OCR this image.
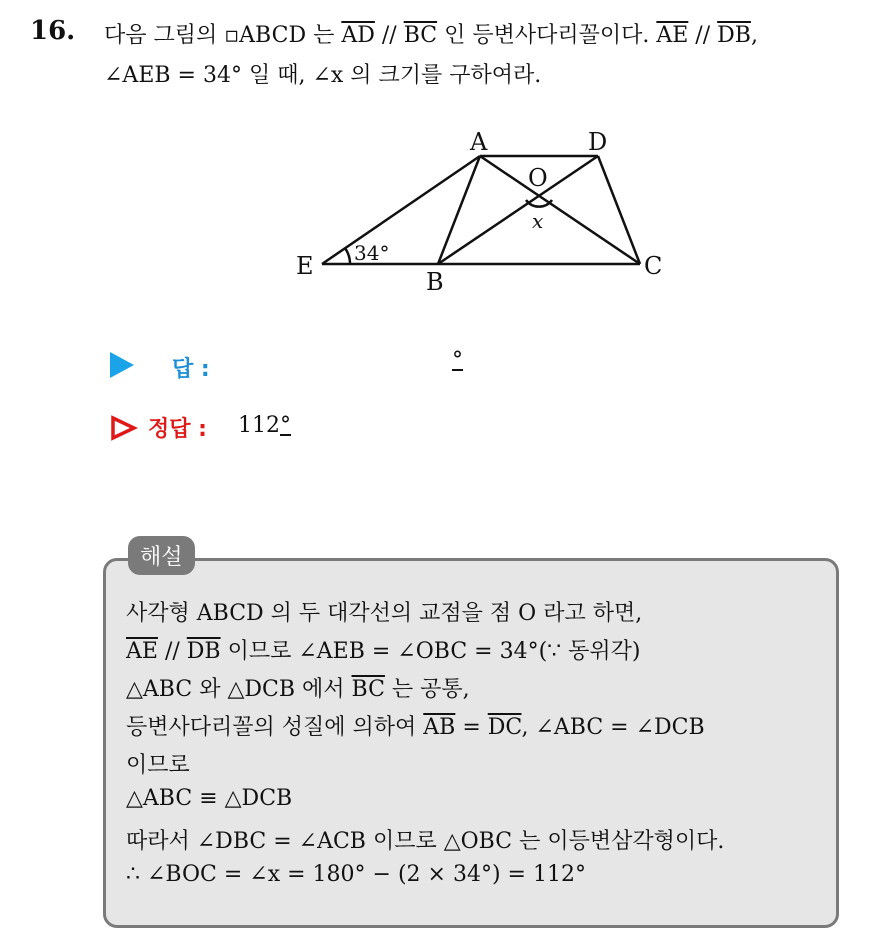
16. 다음 그림의 ▫ABCD 는 $\overline{AD} // \overline{BC}$ 인 등변사다리꼴이다. $\overline{AE} // \overline{DB}$,
∠AEB = 34° 일 때, ∠x 의 크기를 구하여라.
A	D
O
x
E
B
C
34°
답 :	°
정답 : 112°
해설
사각형 ABCD 의 두 대각선의 교점을 점 O 라고 하면,
$\overline{AE} // \overline{DB}$ 이므로 ∠AEB = ∠OBC = 34°(∵ 동위각)
△ABC 와 △DCB 에서 $\overline{BC}$ 는 공통,
등변사다리꼴의 성질에 의하여 $\overline{AB} = \overline{DC}$, ∠ABC = ∠DCB
이므로
△ABC ≡ △DCB
따라서 ∠DBC = ∠ACB 이므로 △OBC 는 이등변삼각형이다.
∴ ∠BOC = ∠x = 180° − (2 × 34°) = 112°
